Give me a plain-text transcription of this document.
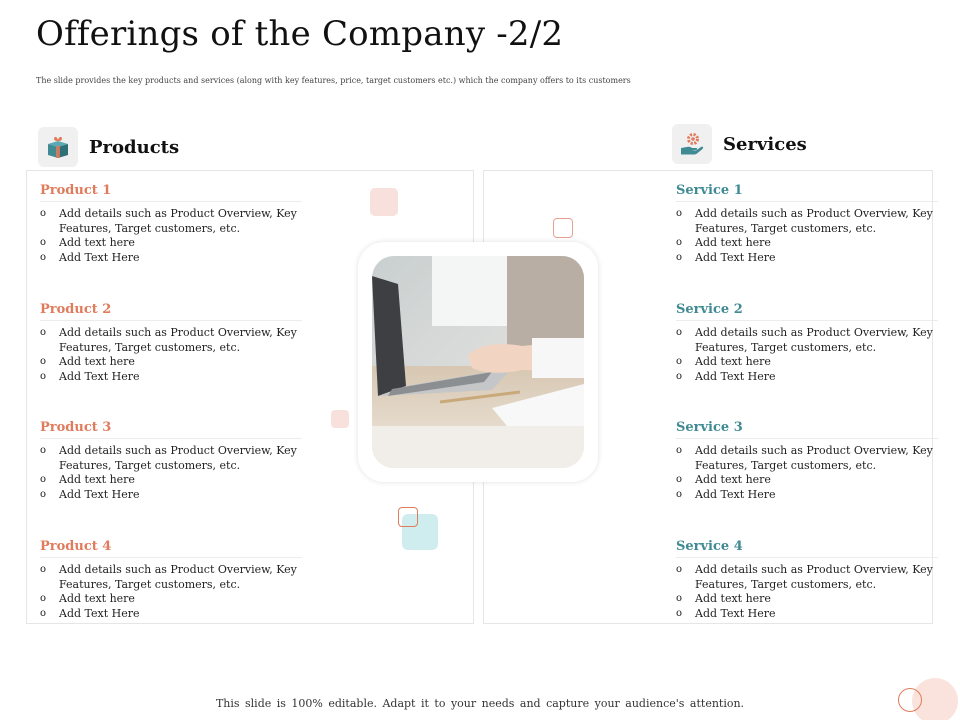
Offerings of the Company -2/2

The slide provides the key products and services (along with key features, price, target customers etc.) which the company offers to its customers

Products	Services
Product 1
o Add details such as Product Overview, Key Features, Target customers, etc.
o Add text here
o Add Text Here
Product 2
o Add details such as Product Overview, Key Features, Target customers, etc.
o Add text here
o Add Text Here
Product 3
o Add details such as Product Overview, Key Features, Target customers, etc.
o Add text here
o Add Text Here
Product 4
o Add details such as Product Overview, Key Features, Target customers, etc.
o Add text here
o Add Text Here
Service 1
o Add details such as Product Overview, Key Features, Target customers, etc.
o Add text here
o Add Text Here
Service 2
o Add details such as Product Overview, Key Features, Target customers, etc.
o Add text here
o Add Text Here
Service 3
o Add details such as Product Overview, Key Features, Target customers, etc.
o Add text here
o Add Text Here
Service 4
o Add details such as Product Overview, Key Features, Target customers, etc.
o Add text here
o Add Text Here

This slide is 100% editable. Adapt it to your needs and capture your audience's attention.
